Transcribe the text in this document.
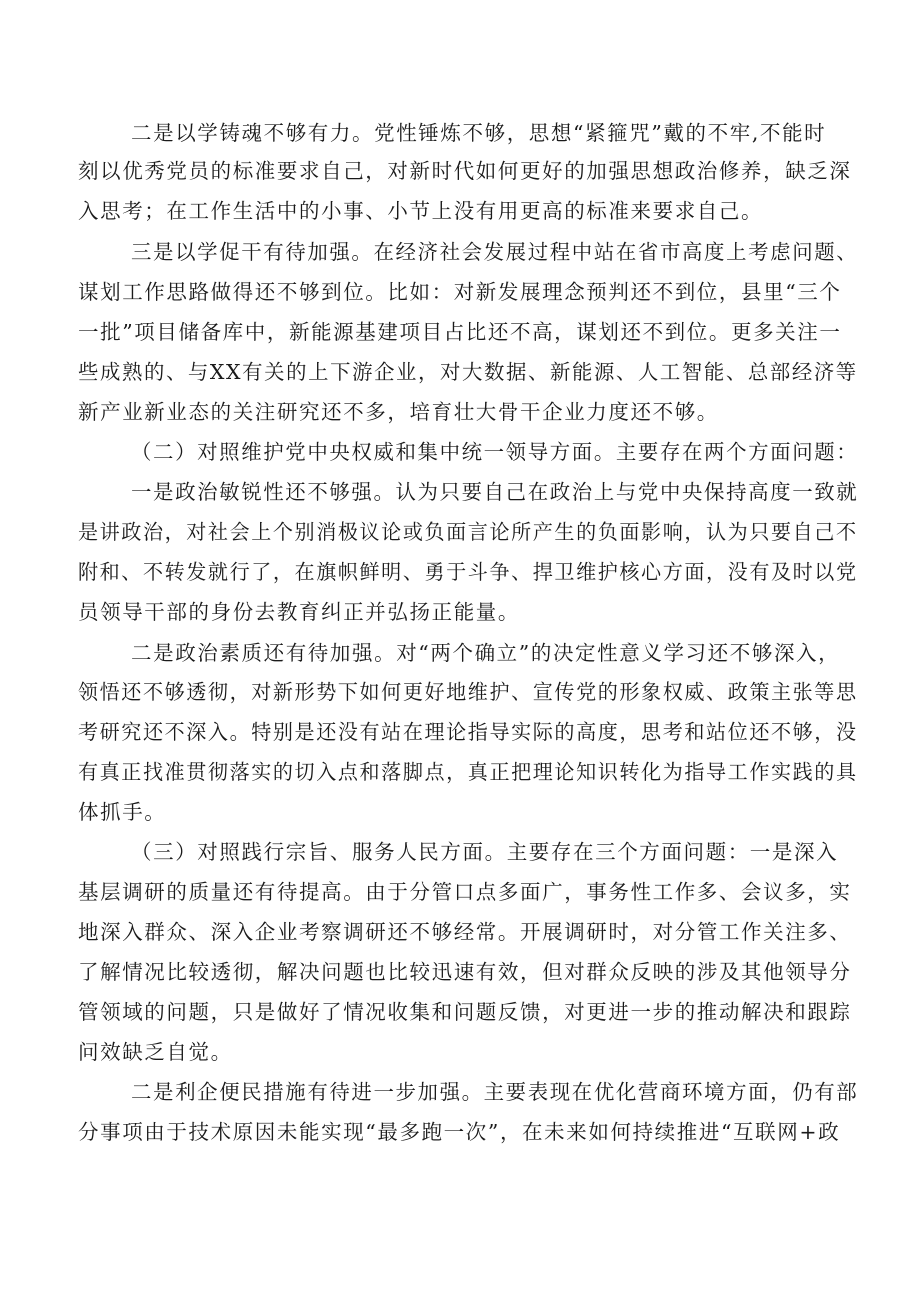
二是以学铸魂不够有力。党性锤炼不够，思想“紧箍咒”戴的不牢,不能时
刻以优秀党员的标准要求自己，对新时代如何更好的加强思想政治修养，缺乏深
入思考；在工作生活中的小事、小节上没有用更高的标准来要求自己。
三是以学促干有待加强。在经济社会发展过程中站在省市高度上考虑问题、
谋划工作思路做得还不够到位。比如：对新发展理念预判还不到位，县里“三个
一批”项目储备库中，新能源基建项目占比还不高，谋划还不到位。更多关注一
些成熟的、与XX有关的上下游企业，对大数据、新能源、人工智能、总部经济等
新产业新业态的关注研究还不多，培育壮大骨干企业力度还不够。
（二）对照维护党中央权威和集中统一领导方面。主要存在两个方面问题：
一是政治敏锐性还不够强。认为只要自己在政治上与党中央保持高度一致就
是讲政治，对社会上个别消极议论或负面言论所产生的负面影响，认为只要自己不
附和、不转发就行了，在旗帜鲜明、勇于斗争、捍卫维护核心方面，没有及时以党
员领导干部的身份去教育纠正并弘扬正能量。
二是政治素质还有待加强。对“两个确立”的决定性意义学习还不够深入，
领悟还不够透彻，对新形势下如何更好地维护、宣传党的形象权威、政策主张等思
考研究还不深入。特别是还没有站在理论指导实际的高度，思考和站位还不够，没
有真正找准贯彻落实的切入点和落脚点，真正把理论知识转化为指导工作实践的具
体抓手。
（三）对照践行宗旨、服务人民方面。主要存在三个方面问题：一是深入
基层调研的质量还有待提高。由于分管口点多面广，事务性工作多、会议多，实
地深入群众、深入企业考察调研还不够经常。开展调研时，对分管工作关注多、
了解情况比较透彻，解决问题也比较迅速有效，但对群众反映的涉及其他领导分
管领域的问题，只是做好了情况收集和问题反馈，对更进一步的推动解决和跟踪
问效缺乏自觉。
二是利企便民措施有待进一步加强。主要表现在优化营商环境方面，仍有部
分事项由于技术原因未能实现“最多跑一次”，在未来如何持续推进“互联网+政
